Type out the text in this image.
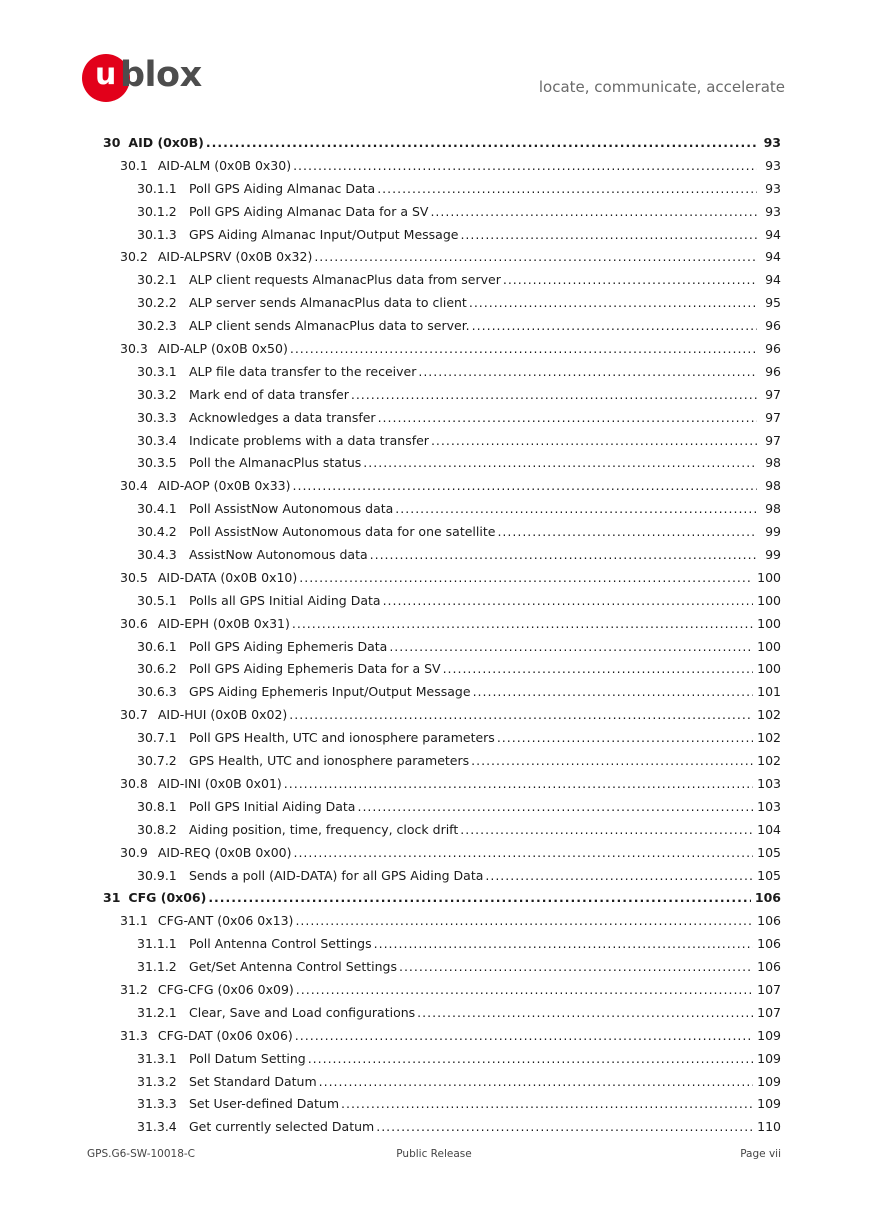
u blox	locate, communicate, accelerate
30 AID (0x0B) .....	93
30.1 AID-ALM (0x0B 0x30) .....	93
30.1.1 Poll GPS Aiding Almanac Data .....	93
30.1.2 Poll GPS Aiding Almanac Data for a SV .....	93
30.1.3 GPS Aiding Almanac Input/Output Message .....	94
30.2 AID-ALPSRV (0x0B 0x32) .....	94
30.2.1 ALP client requests AlmanacPlus data from server .....	94
30.2.2 ALP server sends AlmanacPlus data to client .....	95
30.2.3 ALP client sends AlmanacPlus data to server. .....	96
30.3 AID-ALP (0x0B 0x50) .....	96
30.3.1 ALP file data transfer to the receiver .....	96
30.3.2 Mark end of data transfer .....	97
30.3.3 Acknowledges a data transfer .....	97
30.3.4 Indicate problems with a data transfer .....	97
30.3.5 Poll the AlmanacPlus status .....	98
30.4 AID-AOP (0x0B 0x33) .....	98
30.4.1 Poll AssistNow Autonomous data .....	98
30.4.2 Poll AssistNow Autonomous data for one satellite .....	99
30.4.3 AssistNow Autonomous data .....	99
30.5 AID-DATA (0x0B 0x10) .....	100
30.5.1 Polls all GPS Initial Aiding Data .....	100
30.6 AID-EPH (0x0B 0x31) .....	100
30.6.1 Poll GPS Aiding Ephemeris Data .....	100
30.6.2 Poll GPS Aiding Ephemeris Data for a SV .....	100
30.6.3 GPS Aiding Ephemeris Input/Output Message .....	101
30.7 AID-HUI (0x0B 0x02) .....	102
30.7.1 Poll GPS Health, UTC and ionosphere parameters .....	102
30.7.2 GPS Health, UTC and ionosphere parameters .....	102
30.8 AID-INI (0x0B 0x01) .....	103
30.8.1 Poll GPS Initial Aiding Data .....	103
30.8.2 Aiding position, time, frequency, clock drift .....	104
30.9 AID-REQ (0x0B 0x00) .....	105
30.9.1 Sends a poll (AID-DATA) for all GPS Aiding Data .....	105
31 CFG (0x06) .....	106
31.1 CFG-ANT (0x06 0x13) .....	106
31.1.1 Poll Antenna Control Settings .....	106
31.1.2 Get/Set Antenna Control Settings .....	106
31.2 CFG-CFG (0x06 0x09) .....	107
31.2.1 Clear, Save and Load configurations .....	107
31.3 CFG-DAT (0x06 0x06) .....	109
31.3.1 Poll Datum Setting .....	109
31.3.2 Set Standard Datum .....	109
31.3.3 Set User-defined Datum .....	109
31.3.4 Get currently selected Datum .....	110
GPS.G6-SW-10018-C	Public Release	Page vii
